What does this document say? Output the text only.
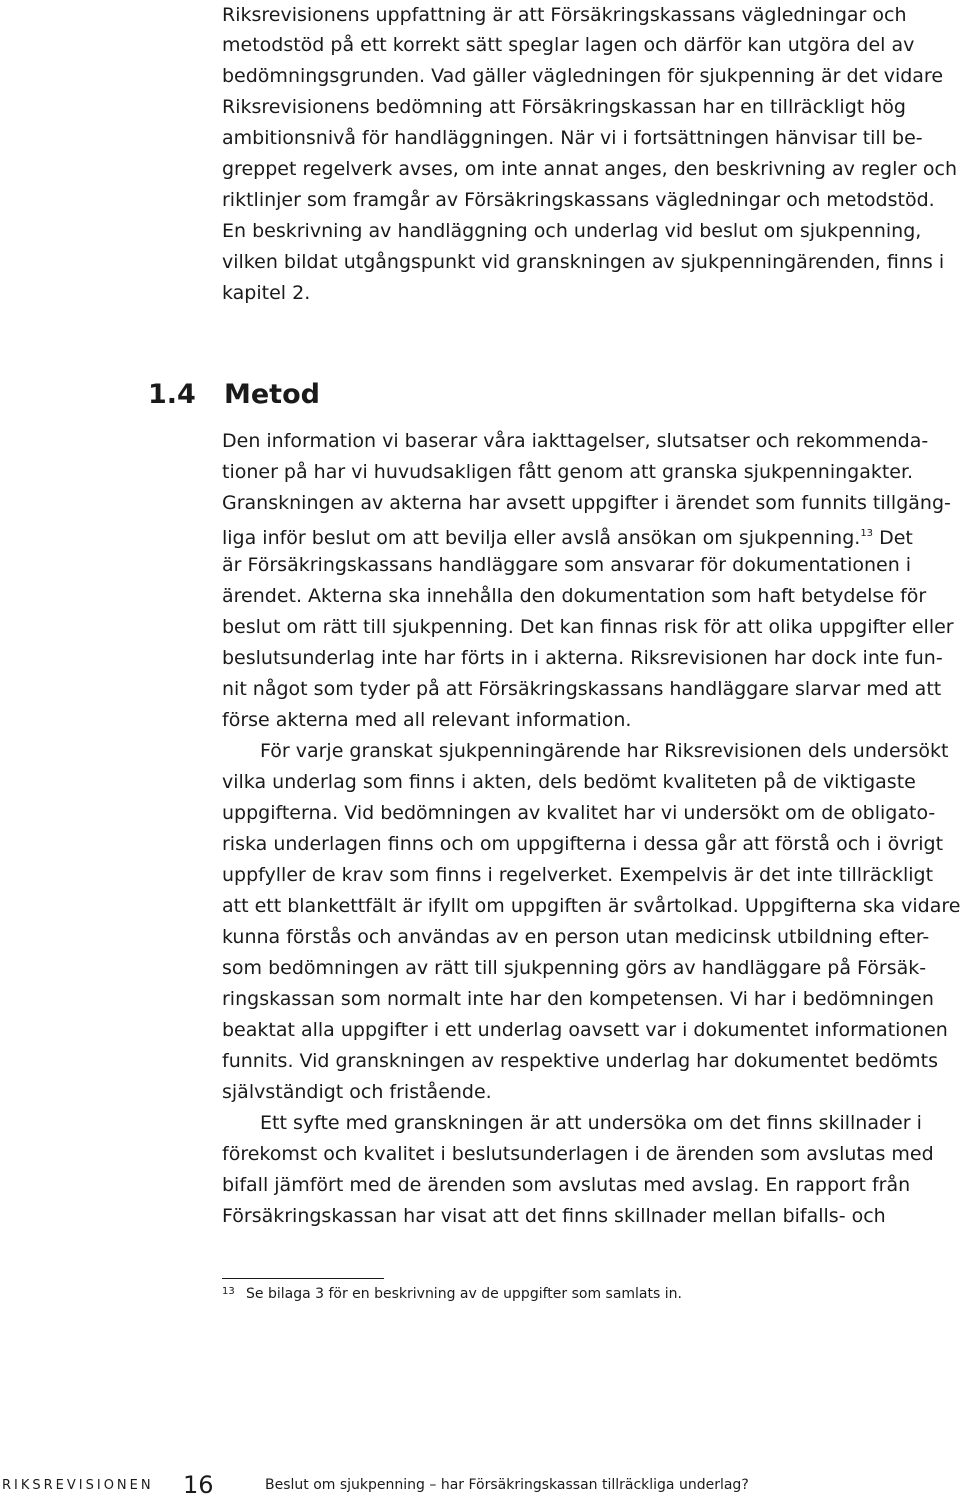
Riksrevisionens uppfattning är att Försäkringskassans vägledningar och
metodstöd på ett korrekt sätt speglar lagen och därför kan utgöra del av
bedömningsgrunden. Vad gäller vägledningen för sjukpenning är det vidare
Riksrevisionens bedömning att Försäkringskassan har en tillräckligt hög
ambitionsnivå för handläggningen. När vi i fortsättningen hänvisar till be-
greppet regelverk avses, om inte annat anges, den beskrivning av regler och
riktlinjer som framgår av Försäkringskassans vägledningar och metodstöd.
En beskrivning av handläggning och underlag vid beslut om sjukpenning,
vilken bildat utgångspunkt vid granskningen av sjukpenningärenden, finns i
kapitel 2.
1.4 Metod
Den information vi baserar våra iakttagelser, slutsatser och rekommenda-
tioner på har vi huvudsakligen fått genom att granska sjukpenningakter.
Granskningen av akterna har avsett uppgifter i ärendet som funnits tillgäng-
liga inför beslut om att bevilja eller avslå ansökan om sjukpenning.$^{13}$ Det
är Försäkringskassans handläggare som ansvarar för dokumentationen i
ärendet. Akterna ska innehålla den dokumentation som haft betydelse för
beslut om rätt till sjukpenning. Det kan finnas risk för att olika uppgifter eller
beslutsunderlag inte har förts in i akterna. Riksrevisionen har dock inte fun-
nit något som tyder på att Försäkringskassans handläggare slarvar med att
förse akterna med all relevant information.
För varje granskat sjukpenningärende har Riksrevisionen dels undersökt
vilka underlag som finns i akten, dels bedömt kvaliteten på de viktigaste
uppgifterna. Vid bedömningen av kvalitet har vi undersökt om de obligato-
riska underlagen finns och om uppgifterna i dessa går att förstå och i övrigt
uppfyller de krav som finns i regelverket. Exempelvis är det inte tillräckligt
att ett blankettfält är ifyllt om uppgiften är svårtolkad. Uppgifterna ska vidare
kunna förstås och användas av en person utan medicinsk utbildning efter-
som bedömningen av rätt till sjukpenning görs av handläggare på Försäk-
ringskassan som normalt inte har den kompetensen. Vi har i bedömningen
beaktat alla uppgifter i ett underlag oavsett var i dokumentet informationen
funnits. Vid granskningen av respektive underlag har dokumentet bedömts
självständigt och fristående.
Ett syfte med granskningen är att undersöka om det finns skillnader i
förekomst och kvalitet i beslutsunderlagen i de ärenden som avslutas med
bifall jämfört med de ärenden som avslutas med avslag. En rapport från
Försäkringskassan har visat att det finns skillnader mellan bifalls- och
13 Se bilaga 3 för en beskrivning av de uppgifter som samlats in.
RIKSREVISIONEN 16	Beslut om sjukpenning – har Försäkringskassan tillräckliga underlag?
